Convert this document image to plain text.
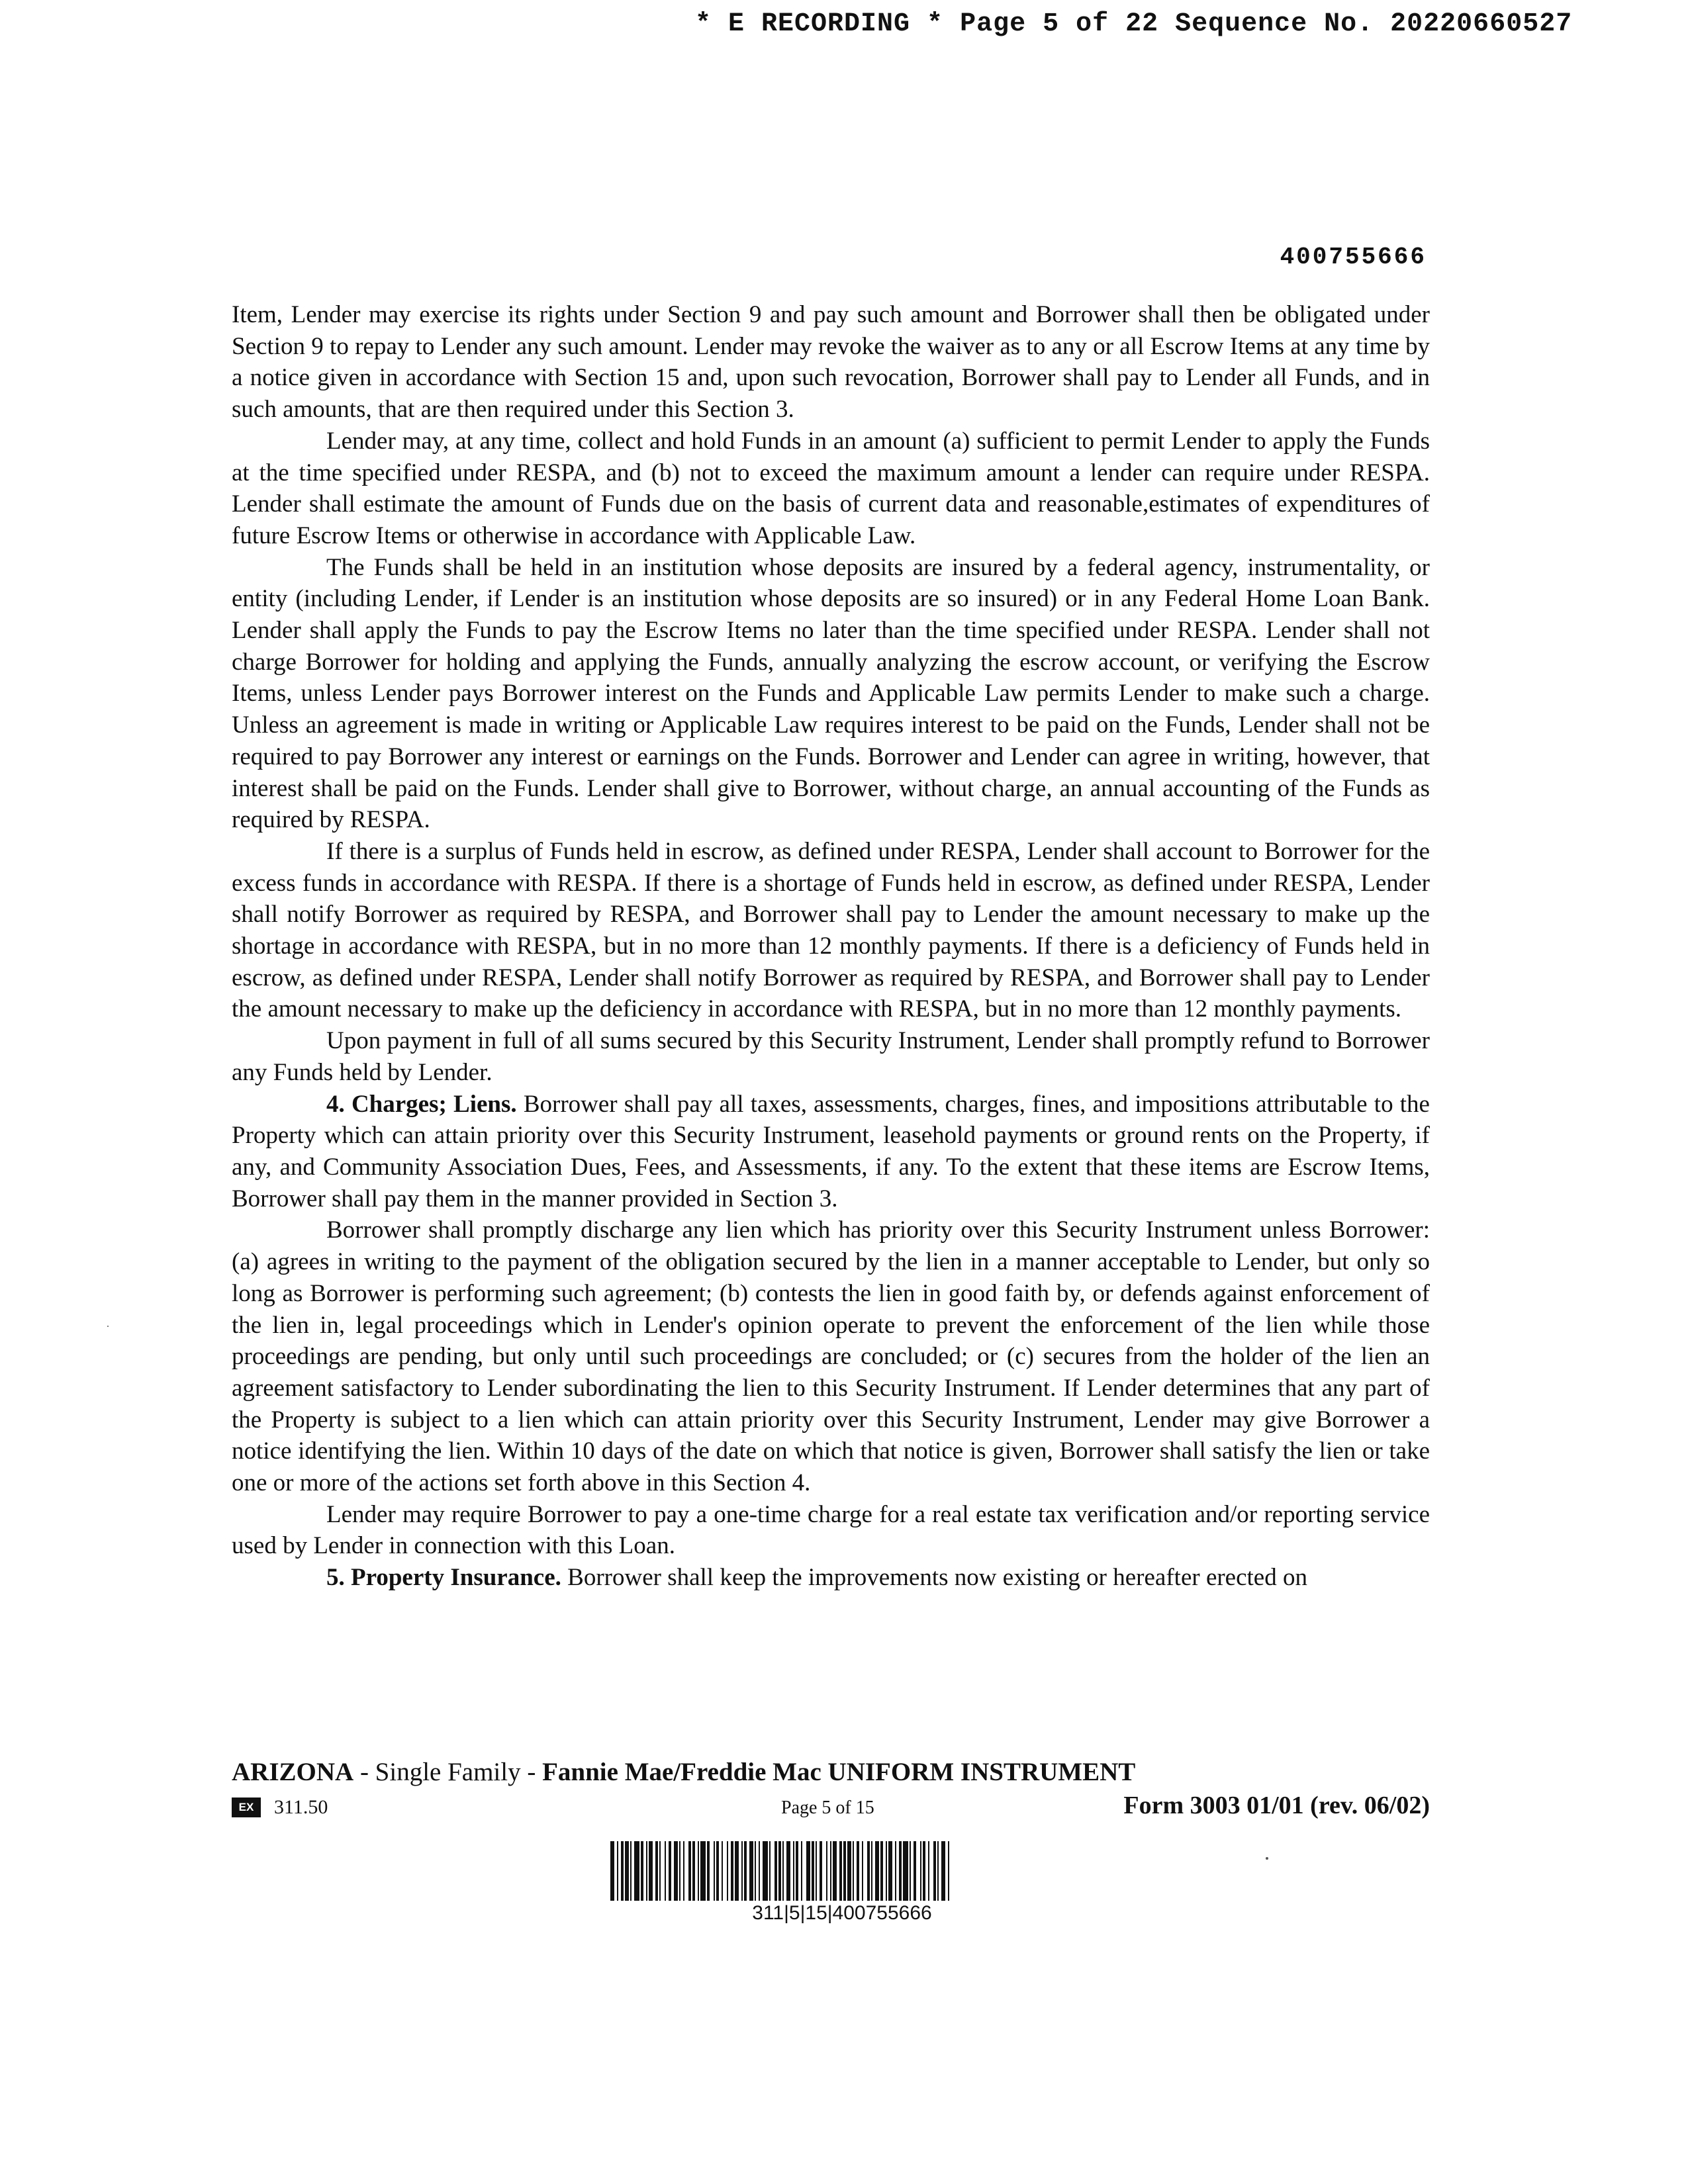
* E RECORDING * Page 5 of 22 Sequence No. 20220660527
400755666

Item, Lender may exercise its rights under Section 9 and pay such amount and Borrower shall then be obligated under Section 9 to repay to Lender any such amount. Lender may revoke the waiver as to any or all Escrow Items at any time by a notice given in accordance with Section 15 and, upon such revocation, Borrower shall pay to Lender all Funds, and in such amounts, that are then required under this Section 3.

Lender may, at any time, collect and hold Funds in an amount (a) sufficient to permit Lender to apply the Funds at the time specified under RESPA, and (b) not to exceed the maximum amount a lender can require under RESPA. Lender shall estimate the amount of Funds due on the basis of current data and reasonable,estimates of expenditures of future Escrow Items or otherwise in accordance with Applicable Law.

The Funds shall be held in an institution whose deposits are insured by a federal agency, instrumentality, or entity (including Lender, if Lender is an institution whose deposits are so insured) or in any Federal Home Loan Bank. Lender shall apply the Funds to pay the Escrow Items no later than the time specified under RESPA. Lender shall not charge Borrower for holding and applying the Funds, annually analyzing the escrow account, or verifying the Escrow Items, unless Lender pays Borrower interest on the Funds and Applicable Law permits Lender to make such a charge. Unless an agreement is made in writing or Applicable Law requires interest to be paid on the Funds, Lender shall not be required to pay Borrower any interest or earnings on the Funds. Borrower and Lender can agree in writing, however, that interest shall be paid on the Funds. Lender shall give to Borrower, without charge, an annual accounting of the Funds as required by RESPA.

If there is a surplus of Funds held in escrow, as defined under RESPA, Lender shall account to Borrower for the excess funds in accordance with RESPA. If there is a shortage of Funds held in escrow, as defined under RESPA, Lender shall notify Borrower as required by RESPA, and Borrower shall pay to Lender the amount necessary to make up the shortage in accordance with RESPA, but in no more than 12 monthly payments. If there is a deficiency of Funds held in escrow, as defined under RESPA, Lender shall notify Borrower as required by RESPA, and Borrower shall pay to Lender the amount necessary to make up the deficiency in accordance with RESPA, but in no more than 12 monthly payments.

Upon payment in full of all sums secured by this Security Instrument, Lender shall promptly refund to Borrower any Funds held by Lender.

4. Charges; Liens. Borrower shall pay all taxes, assessments, charges, fines, and impositions attributable to the Property which can attain priority over this Security Instrument, leasehold payments or ground rents on the Property, if any, and Community Association Dues, Fees, and Assessments, if any. To the extent that these items are Escrow Items, Borrower shall pay them in the manner provided in Section 3.

Borrower shall promptly discharge any lien which has priority over this Security Instrument unless Borrower: (a) agrees in writing to the payment of the obligation secured by the lien in a manner acceptable to Lender, but only so long as Borrower is performing such agreement; (b) contests the lien in good faith by, or defends against enforcement of the lien in, legal proceedings which in Lender's opinion operate to prevent the enforcement of the lien while those proceedings are pending, but only until such proceedings are concluded; or (c) secures from the holder of the lien an agreement satisfactory to Lender subordinating the lien to this Security Instrument. If Lender determines that any part of the Property is subject to a lien which can attain priority over this Security Instrument, Lender may give Borrower a notice identifying the lien. Within 10 days of the date on which that notice is given, Borrower shall satisfy the lien or take one or more of the actions set forth above in this Section 4.

Lender may require Borrower to pay a one-time charge for a real estate tax verification and/or reporting service used by Lender in connection with this Loan.

5. Property Insurance. Borrower shall keep the improvements now existing or hereafter erected on

ARIZONA - Single Family - Fannie Mae/Freddie Mac UNIFORM INSTRUMENT
EX	311.50	Page 5 of 15	Form 3003 01/01 (rev. 06/02)
311|5|15|400755666
